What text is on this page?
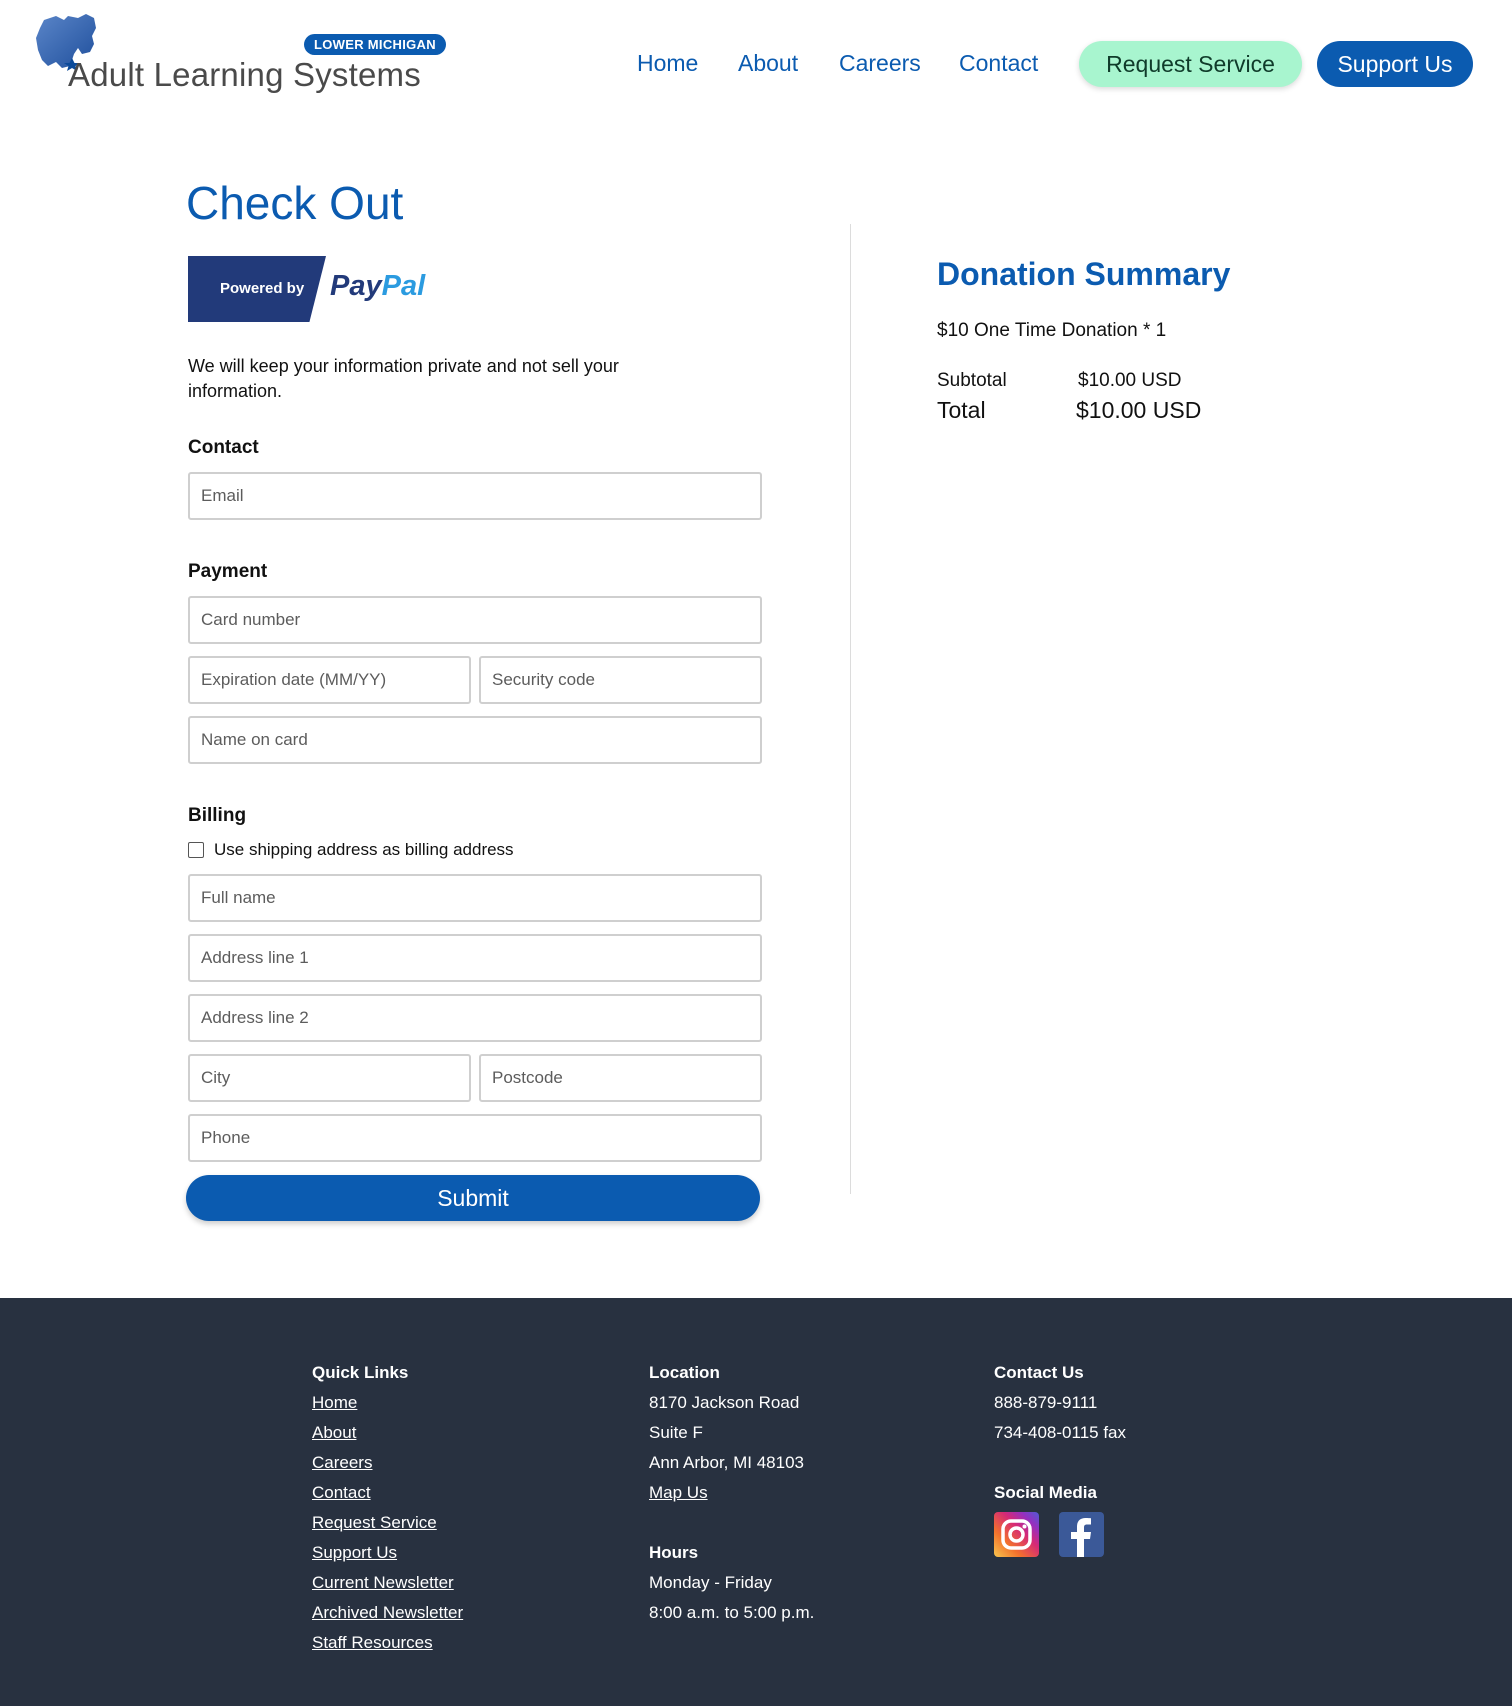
LOWER MICHIGAN
Adult Learning Systems	Home About Careers Contact	Request Service	Support Us
Check Out
Powered by PayPal

We will keep your information private and not sell your information.

Contact
Email
Payment
Card number
Expiration date (MM/YY)
Security code
Name on card
Billing
Use shipping address as billing address
Full name
Address line 1
Address line 2
City
Postcode
Phone
Submit
Donation Summary
$10 One Time Donation * 1
Subtotal	$10.00 USD
Total	$10.00 USD
Quick Links
Home
About
Careers
Contact
Request Service
Support Us
Current Newsletter
Archived Newsletter
Staff Resources
Location
8170 Jackson Road
Suite F
Ann Arbor, MI 48103
Map Us
Hours
Monday - Friday
8:00 a.m. to 5:00 p.m.
Contact Us
888-879-9111
734-408-0115 fax
Social Media
